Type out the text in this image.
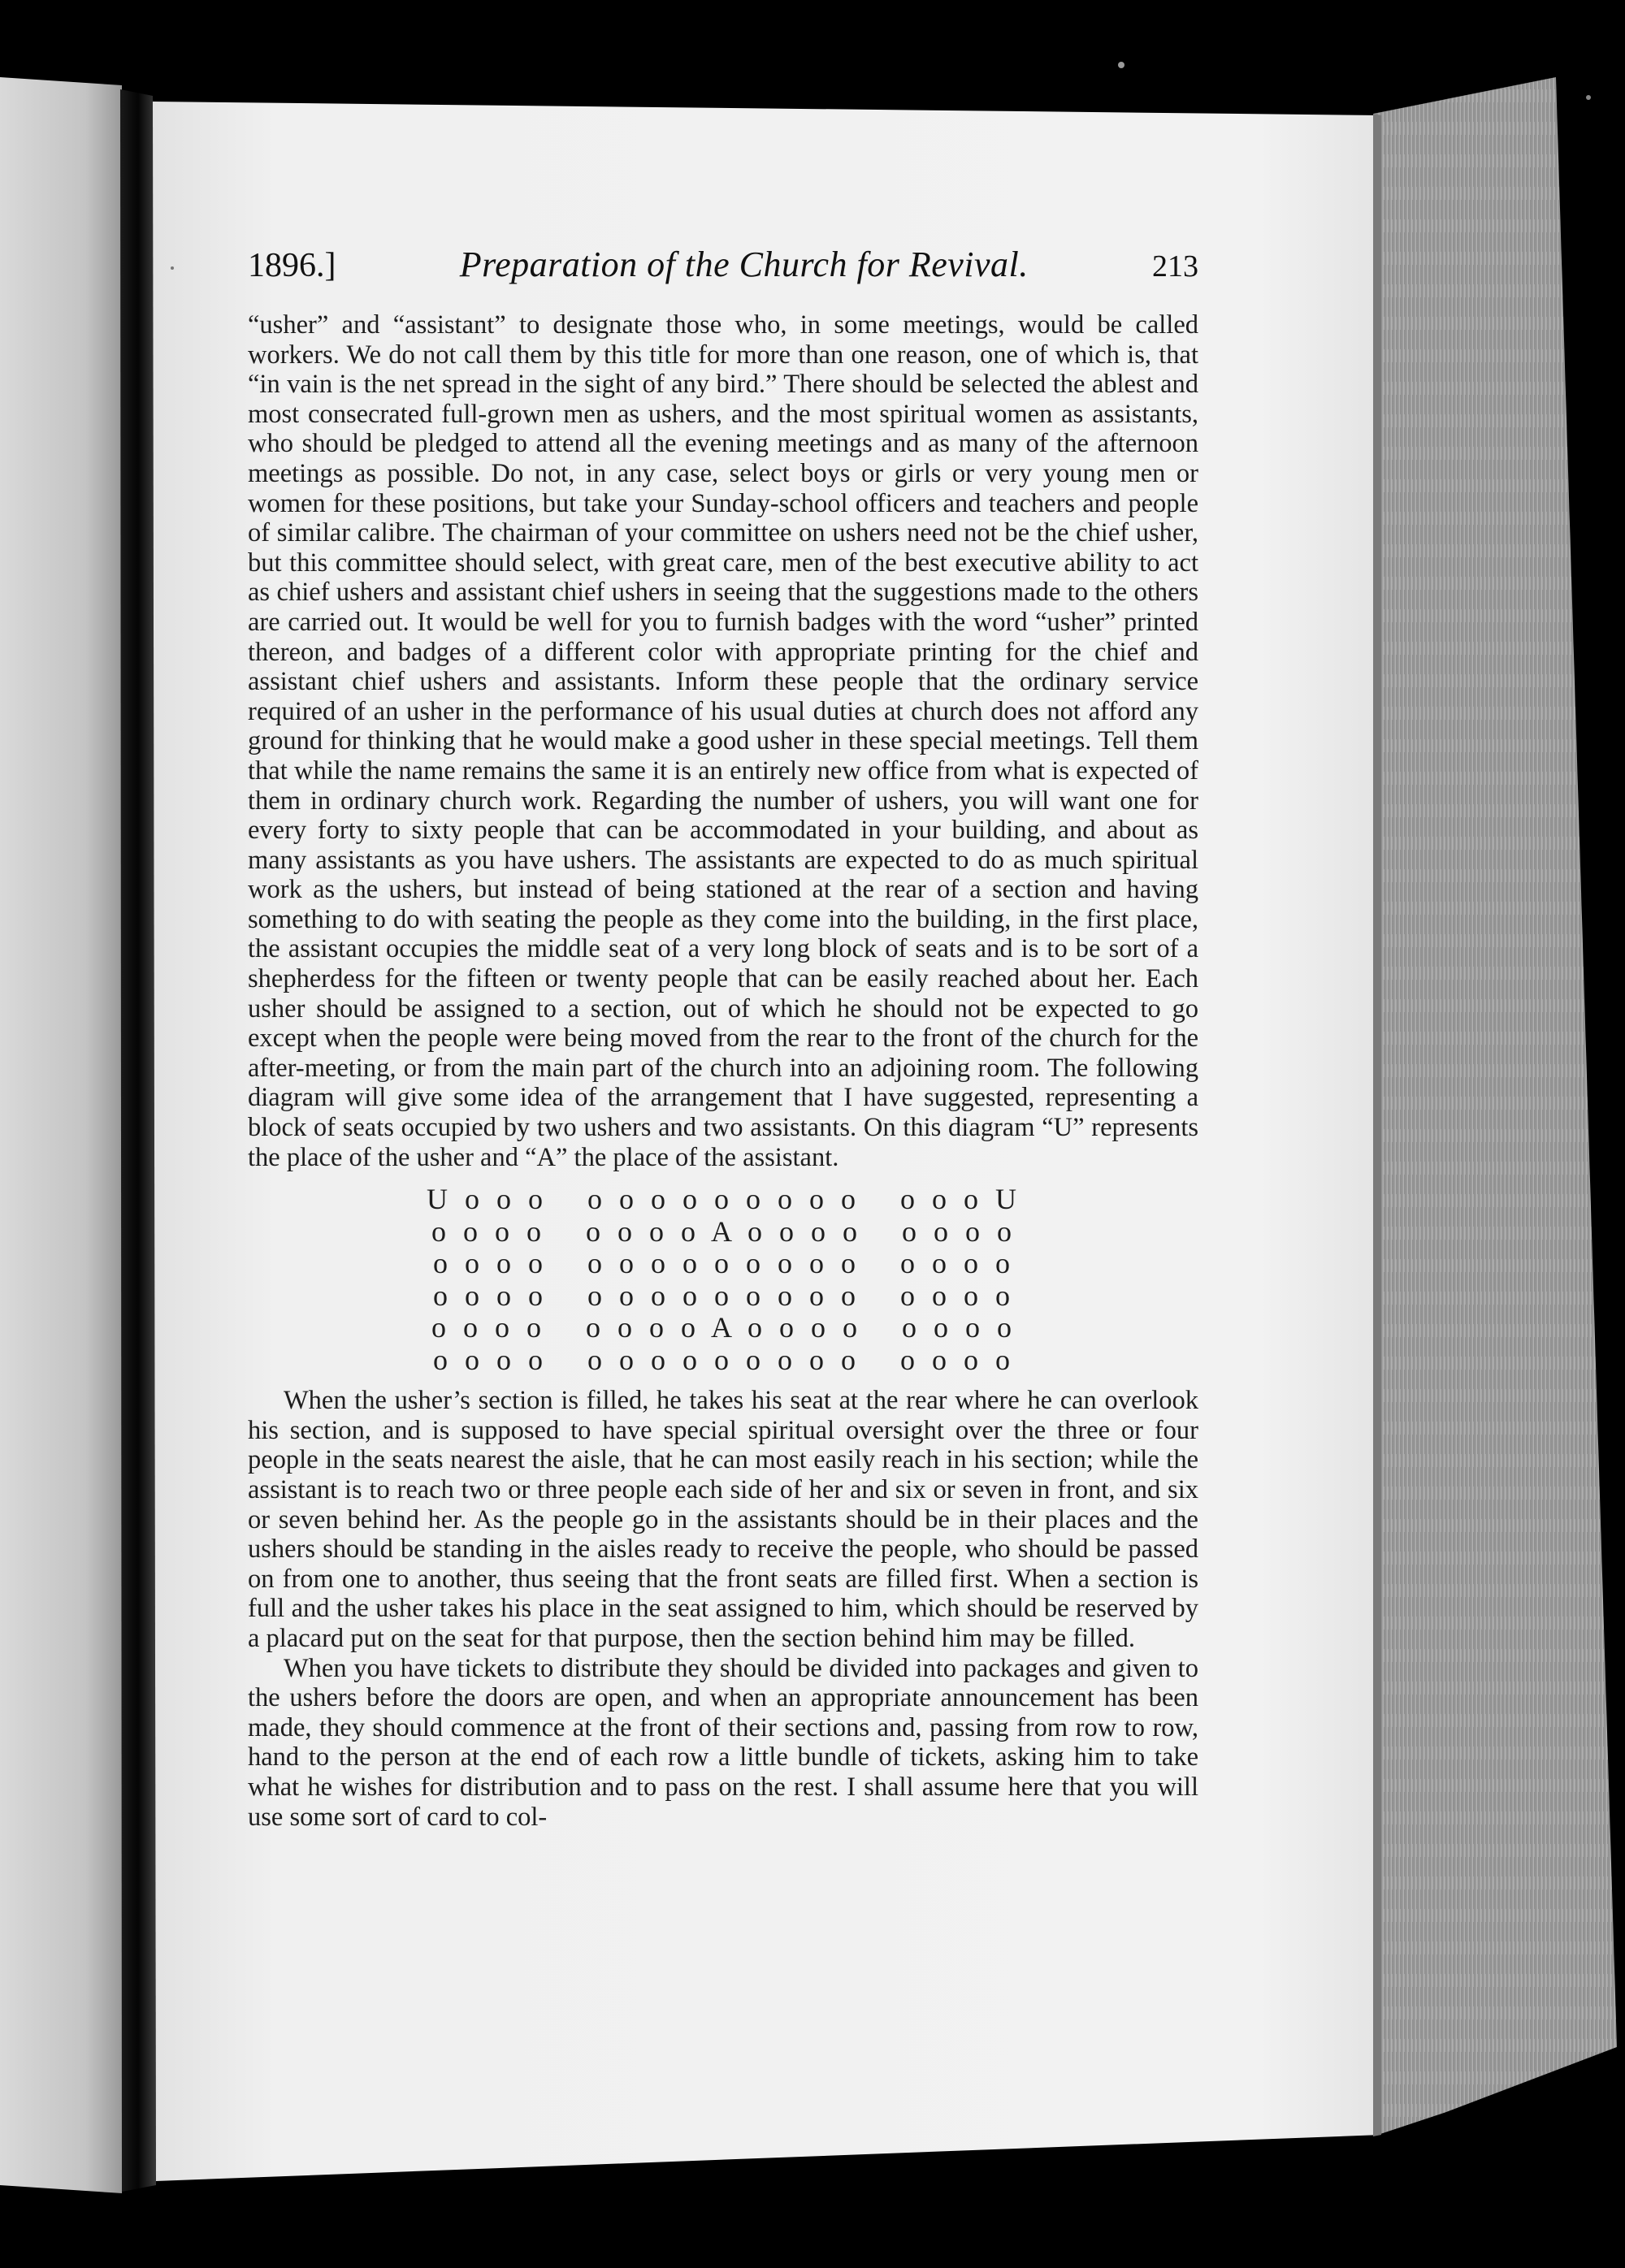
1896.]	Preparation of the Church for Revival.	213

“usher” and “assistant” to designate those who, in some meetings, would be called workers. We do not call them by this title for more than one reason, one of which is, that “in vain is the net spread in the sight of any bird.” There should be selected the ablest and most consecrated full-grown men as ushers, and the most spiritual women as assistants, who should be pledged to attend all the evening meetings and as many of the afternoon meetings as possible. Do not, in any case, select boys or girls or very young men or women for these positions, but take your Sunday-school officers and teachers and people of similar calibre. The chairman of your committee on ushers need not be the chief usher, but this committee should select, with great care, men of the best executive ability to act as chief ushers and assistant chief ushers in seeing that the suggestions made to the others are carried out. It would be well for you to furnish badges with the word “usher” printed thereon, and badges of a different color with appropriate printing for the chief and assistant chief ushers and assistants. Inform these people that the ordinary service required of an usher in the performance of his usual duties at church does not afford any ground for thinking that he would make a good usher in these special meetings. Tell them that while the name remains the same it is an entirely new office from what is expected of them in ordinary church work. Regarding the number of ushers, you will want one for every forty to sixty people that can be accommodated in your building, and about as many assistants as you have ushers. The assistants are expected to do as much spiritual work as the ushers, but instead of being stationed at the rear of a section and having something to do with seating the people as they come into the building, in the first place, the assistant occupies the middle seat of a very long block of seats and is to be sort of a shepherdess for the fifteen or twenty people that can be easily reached about her. Each usher should be assigned to a section, out of which he should not be expected to go except when the people were being moved from the rear to the front of the church for the after-meeting, or from the main part of the church into an adjoining room. The following diagram will give some idea of the arrangement that I have suggested, representing a block of seats occupied by two ushers and two assistants. On this diagram “U” represents the place of the usher and “A” the place of the assistant.

U o o o   o o o o o o o o o   o o o U
o o o o   o o o o A o o o o   o o o o
o o o o   o o o o o o o o o   o o o o
o o o o   o o o o o o o o o   o o o o
o o o o   o o o o A o o o o   o o o o
o o o o   o o o o o o o o o   o o o o

When the usher’s section is filled, he takes his seat at the rear where he can overlook his section, and is supposed to have special spiritual oversight over the three or four people in the seats nearest the aisle, that he can most easily reach in his section; while the assistant is to reach two or three people each side of her and six or seven in front, and six or seven behind her. As the people go in the assistants should be in their places and the ushers should be standing in the aisles ready to receive the people, who should be passed on from one to another, thus seeing that the front seats are filled first. When a section is full and the usher takes his place in the seat assigned to him, which should be reserved by a placard put on the seat for that purpose, then the section behind him may be filled.

When you have tickets to distribute they should be divided into packages and given to the ushers before the doors are open, and when an appropriate announcement has been made, they should commence at the front of their sections and, passing from row to row, hand to the person at the end of each row a little bundle of tickets, asking him to take what he wishes for distribution and to pass on the rest. I shall assume here that you will use some sort of card to col-
